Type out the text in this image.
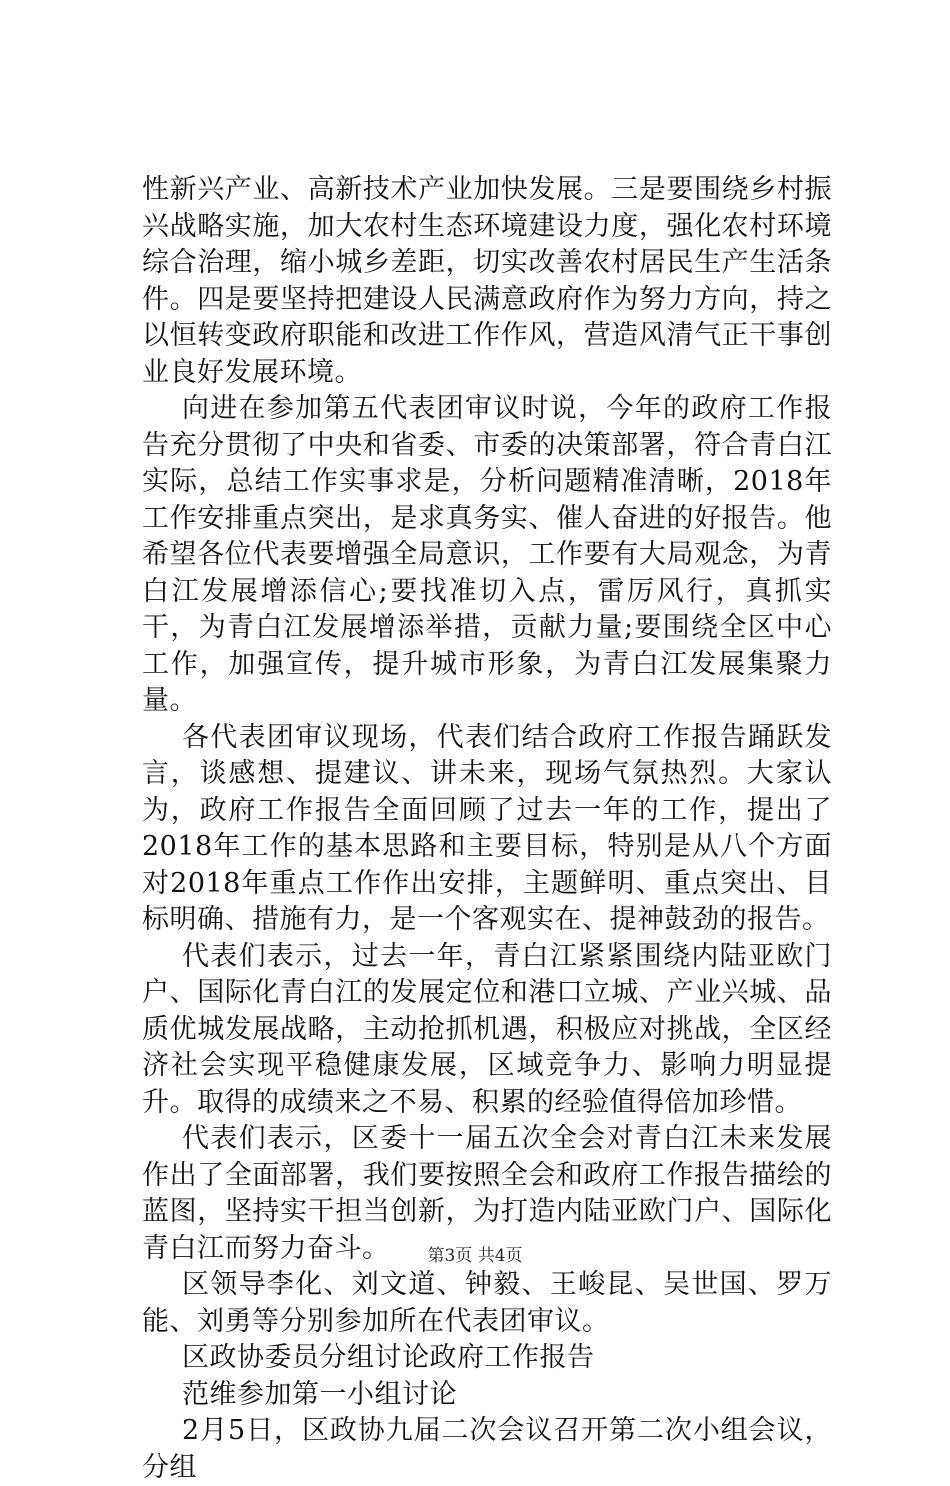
性新兴产业、高新技术产业加快发展。三是要围绕乡村振兴战略实施，加大农村生态环境建设力度，强化农村环境综合治理，缩小城乡差距，切实改善农村居民生产生活条件。四是要坚持把建设人民满意政府作为努力方向，持之以恒转变政府职能和改进工作作风，营造风清气正干事创业良好发展环境。

向进在参加第五代表团审议时说，今年的政府工作报告充分贯彻了中央和省委、市委的决策部署，符合青白江实际，总结工作实事求是，分析问题精准清晰，2018年工作安排重点突出，是求真务实、催人奋进的好报告。他希望各位代表要增强全局意识，工作要有大局观念，为青白江发展增添信心;要找准切入点，雷厉风行，真抓实干，为青白江发展增添举措，贡献力量;要围绕全区中心工作，加强宣传，提升城市形象，为青白江发展集聚力量。

各代表团审议现场，代表们结合政府工作报告踊跃发言，谈感想、提建议、讲未来，现场气氛热烈。大家认为，政府工作报告全面回顾了过去一年的工作，提出了2018年工作的基本思路和主要目标，特别是从八个方面对2018年重点工作作出安排，主题鲜明、重点突出、目标明确、措施有力，是一个客观实在、提神鼓劲的报告。

代表们表示，过去一年，青白江紧紧围绕内陆亚欧门户、国际化青白江的发展定位和港口立城、产业兴城、品质优城发展战略，主动抢抓机遇，积极应对挑战，全区经济社会实现平稳健康发展，区域竞争力、影响力明显提升。取得的成绩来之不易、积累的经验值得倍加珍惜。

代表们表示，区委十一届五次全会对青白江未来发展作出了全面部署，我们要按照全会和政府工作报告描绘的蓝图，坚持实干担当创新，为打造内陆亚欧门户、国际化青白江而努力奋斗。

区领导李化、刘文道、钟毅、王峻昆、吴世国、罗万能、刘勇等分别参加所在代表团审议。

区政协委员分组讨论政府工作报告

范维参加第一小组讨论

2月5日，区政协九届二次会议召开第二次小组会议，分组

第3页 共4页
